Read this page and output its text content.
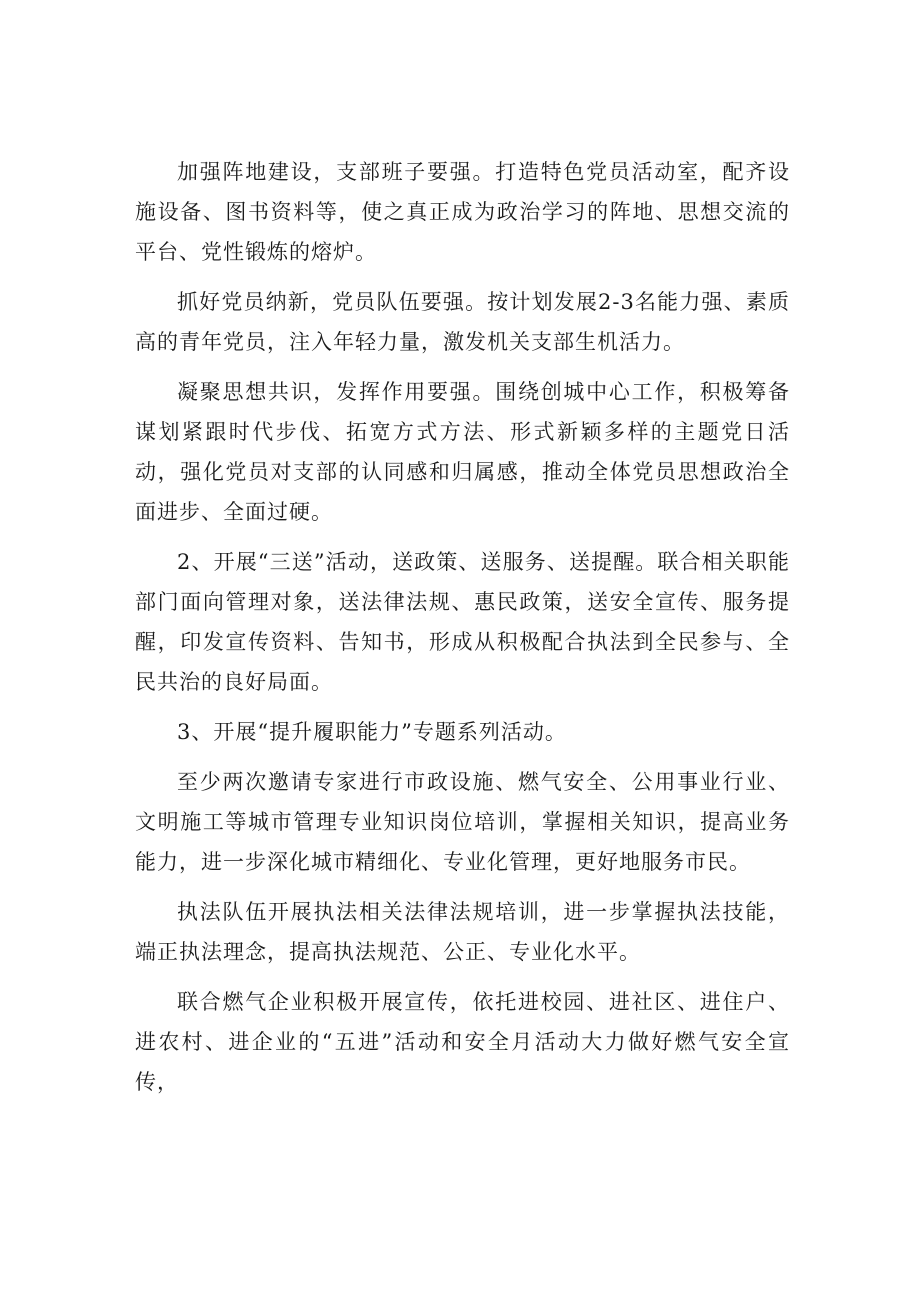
加强阵地建设，支部班子要强。打造特色党员活动室，配齐设施设备、图书资料等，使之真正成为政治学习的阵地、思想交流的平台、党性锻炼的熔炉。

抓好党员纳新，党员队伍要强。按计划发展2-3名能力强、素质高的青年党员，注入年轻力量，激发机关支部生机活力。

凝聚思想共识，发挥作用要强。围绕创城中心工作，积极筹备谋划紧跟时代步伐、拓宽方式方法、形式新颖多样的主题党日活动，强化党员对支部的认同感和归属感，推动全体党员思想政治全面进步、全面过硬。

2、开展“三送”活动，送政策、送服务、送提醒。联合相关职能部门面向管理对象，送法律法规、惠民政策，送安全宣传、服务提醒，印发宣传资料、告知书，形成从积极配合执法到全民参与、全民共治的良好局面。

3、开展“提升履职能力”专题系列活动。

至少两次邀请专家进行市政设施、燃气安全、公用事业行业、文明施工等城市管理专业知识岗位培训，掌握相关知识，提高业务能力，进一步深化城市精细化、专业化管理，更好地服务市民。

执法队伍开展执法相关法律法规培训，进一步掌握执法技能，端正执法理念，提高执法规范、公正、专业化水平。

联合燃气企业积极开展宣传，依托进校园、进社区、进住户、进农村、进企业的“五进”活动和安全月活动大力做好燃气安全宣传，
